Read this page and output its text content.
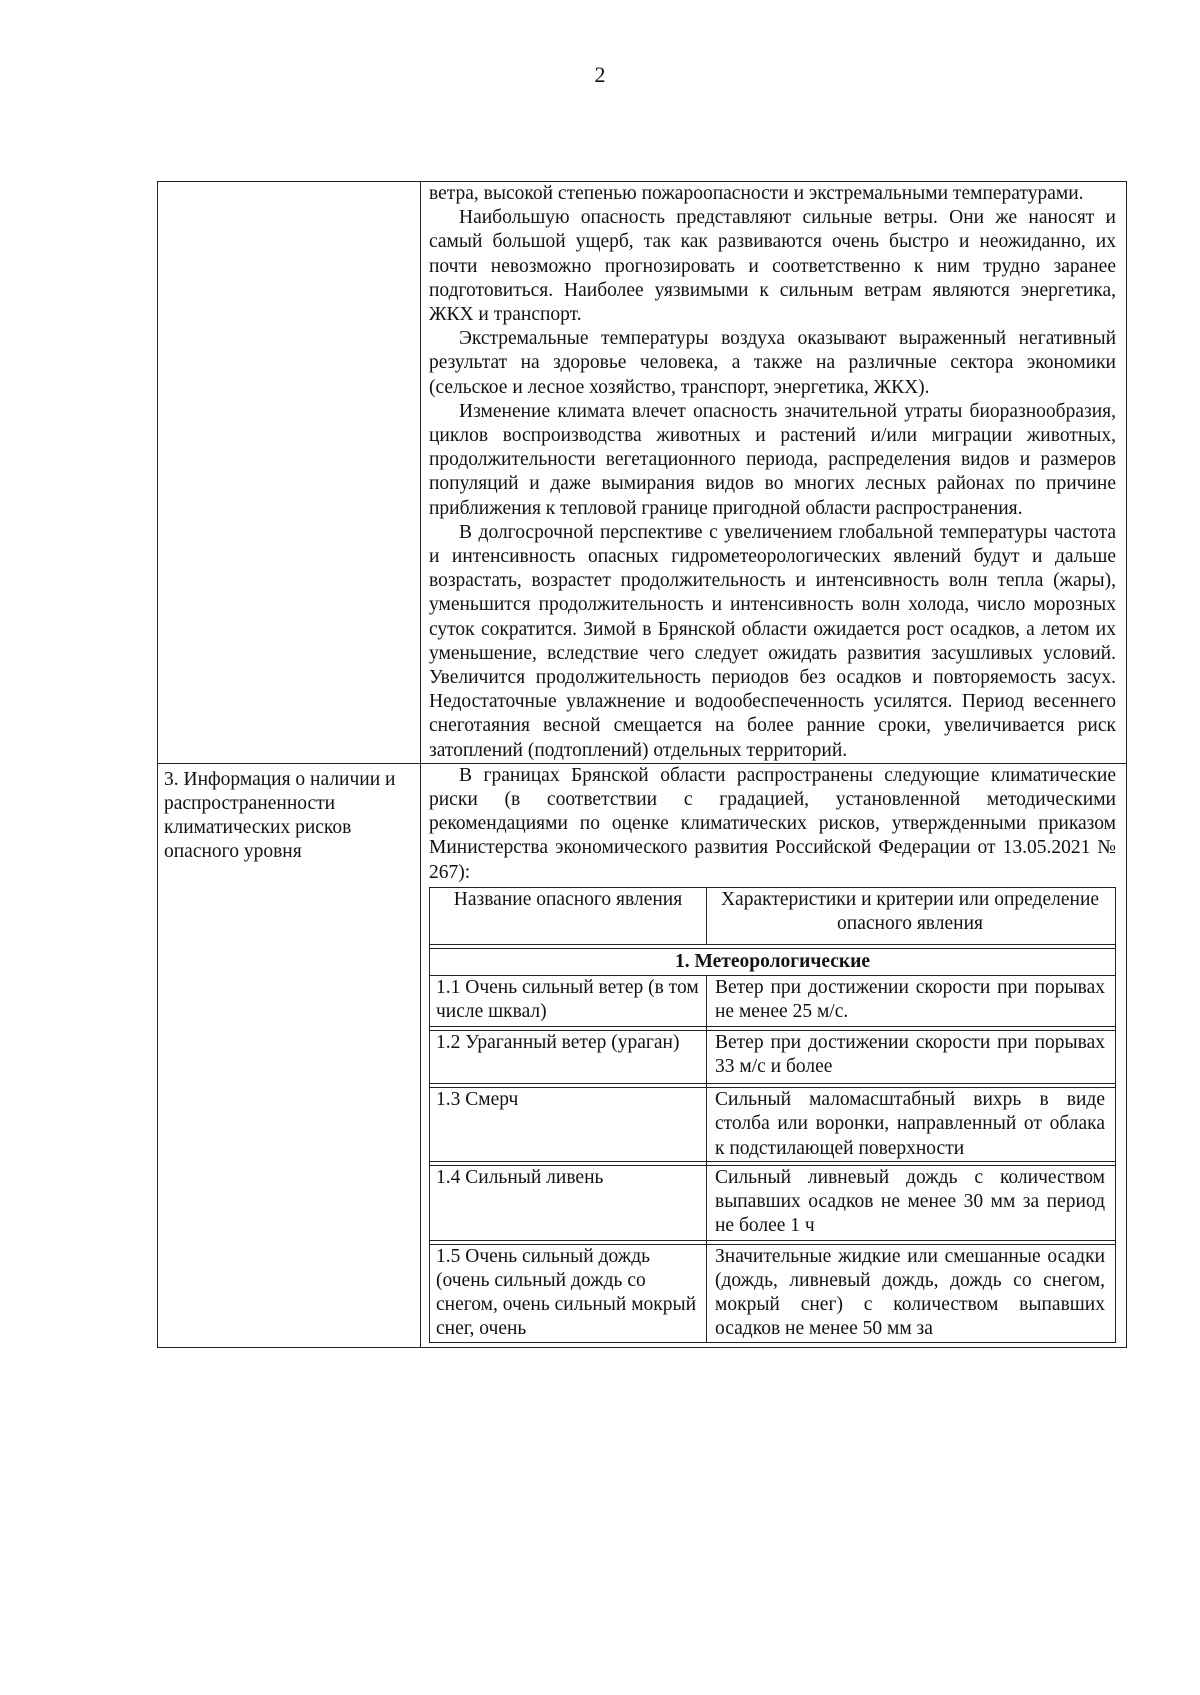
2

ветра, высокой степенью пожароопасности и экстремальными температурами.

Наибольшую опасность представляют сильные ветры. Они же наносят и самый большой ущерб, так как развиваются очень быстро и неожиданно, их почти невозможно прогнозировать и соответственно к ним трудно заранее подготовиться. Наиболее уязвимыми к сильным ветрам являются энергетика, ЖКХ и транспорт.

Экстремальные температуры воздуха оказывают выраженный негативный результат на здоровье человека, а также на различные сектора экономики (сельское и лесное хозяйство, транспорт, энергетика, ЖКХ).

Изменение климата влечет опасность значительной утраты биоразнообразия, циклов воспроизводства животных и растений и/или миграции животных, продолжительности вегетационного периода, распределения видов и размеров популяций и даже вымирания видов во многих лесных районах по причине приближения к тепловой границе пригодной области распространения.

В долгосрочной перспективе с увеличением глобальной температуры частота и интенсивность опасных гидрометеорологических явлений будут и дальше возрастать, возрастет продолжительность и интенсивность волн тепла (жары), уменьшится продолжительность и интенсивность волн холода, число морозных суток сократится. Зимой в Брянской области ожидается рост осадков, а летом их уменьшение, вследствие чего следует ожидать развития засушливых условий. Увеличится продолжительность периодов без осадков и повторяемость засух. Недостаточные увлажнение и водообеспеченность усилятся. Период весеннего снеготаяния весной смещается на более ранние сроки, увеличивается риск затоплений (подтоплений) отдельных территорий.

3. Информация о наличии и распространенности климатических рисков опасного уровня	

В границах Брянской области распространены следующие климатические риски (в соответствии с градацией, установленной методическими рекомендациями по оценке климатических рисков, утвержденными приказом Министерства экономического развития Российской Федерации от 13.05.2021 № 267):

Название опасного явления	Характеристики и критерии или определение опасного явления

1. Метеорологические
1.1 Очень сильный ветер (в том числе шквал)	Ветер при достижении скорости при порывах не менее 25 м/с.

1.2 Ураганный ветер (ураган)	Ветер при достижении скорости при порывах 33 м/с и более

1.3 Смерч	Сильный маломасштабный вихрь в виде столба или воронки, направленный от облака к подстилающей поверхности

1.4 Сильный ливень	Сильный ливневый дождь с количеством выпавших осадков не менее 30 мм за период не более 1 ч

1.5 Очень сильный дождь (очень сильный дождь со снегом, очень сильный мокрый снег, очень	Значительные жидкие или смешанные осадки (дождь, ливневый дождь, дождь со снегом, мокрый снег) с количеством выпавших осадков не менее 50 мм за
